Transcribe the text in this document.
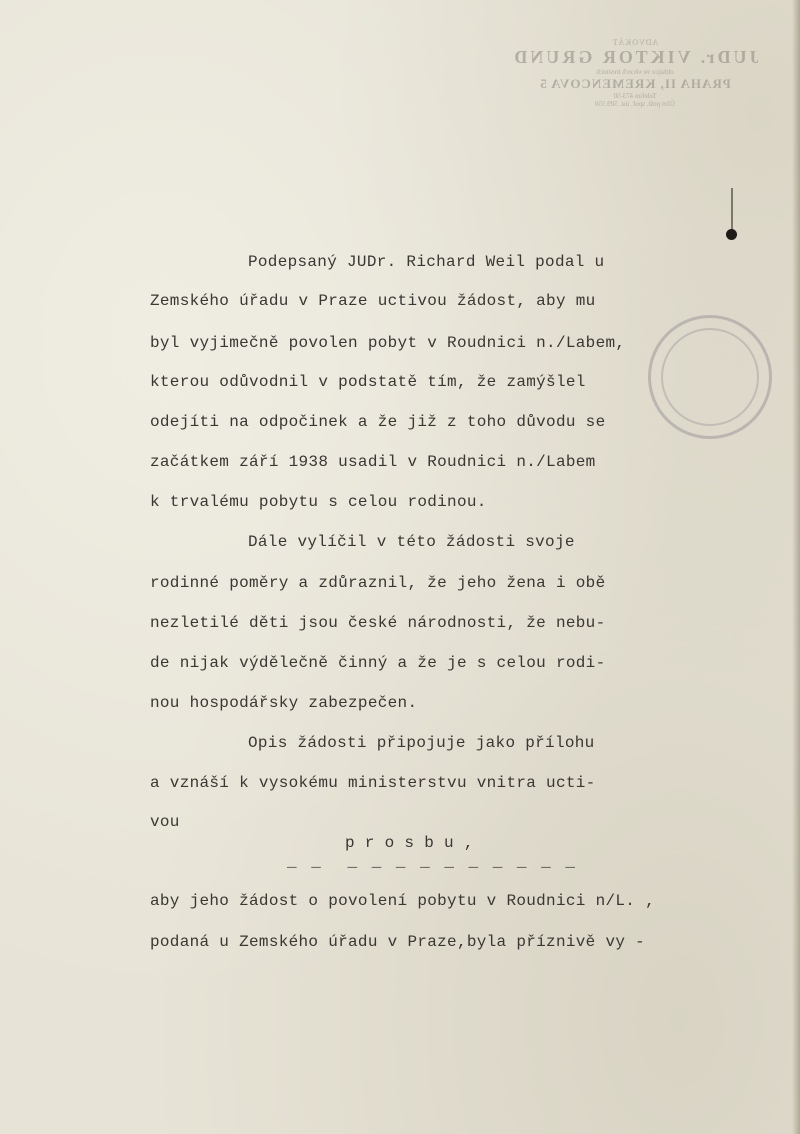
ADVOKÁT
JUDr. VIKTOR GRUND
obhájce ve věcech trestních
PRAHA II, KREMENCOVA 5
Telefon 473-50
Účet pošt. spoř. úst. 509.550
Podepsaný JUDr. Richard Weil podal u
Zemského úřadu v Praze uctivou žádost, aby mu
byl vyjimečně povolen pobyt v Roudnici n./Labem,
kterou odůvodnil v podstatě tím, že zamýšlel
odejíti na odpočinek a že již z toho důvodu se
začátkem září 1938 usadil v Roudnici n./Labem
k trvalému pobytu s celou rodinou.
Dále vylíčil v této žádosti svoje
rodinné poměry a zdůraznil, že jeho žena i obě
nezletilé děti jsou české národnosti, že nebu-
de nijak výdělečně činný a že je s celou rodi-
nou hospodářsky zabezpečen.
Opis žádosti připojuje jako přílohu
a vznáší k vysokému ministerstvu vnitra ucti-
vou
p r o s b u ,
_ _  _ _ _ _ _ _ _ _ _ _
aby jeho žádost o povolení pobytu v Roudnici n/L. ,
podaná u Zemského úřadu v Praze,byla příznivě vy -
